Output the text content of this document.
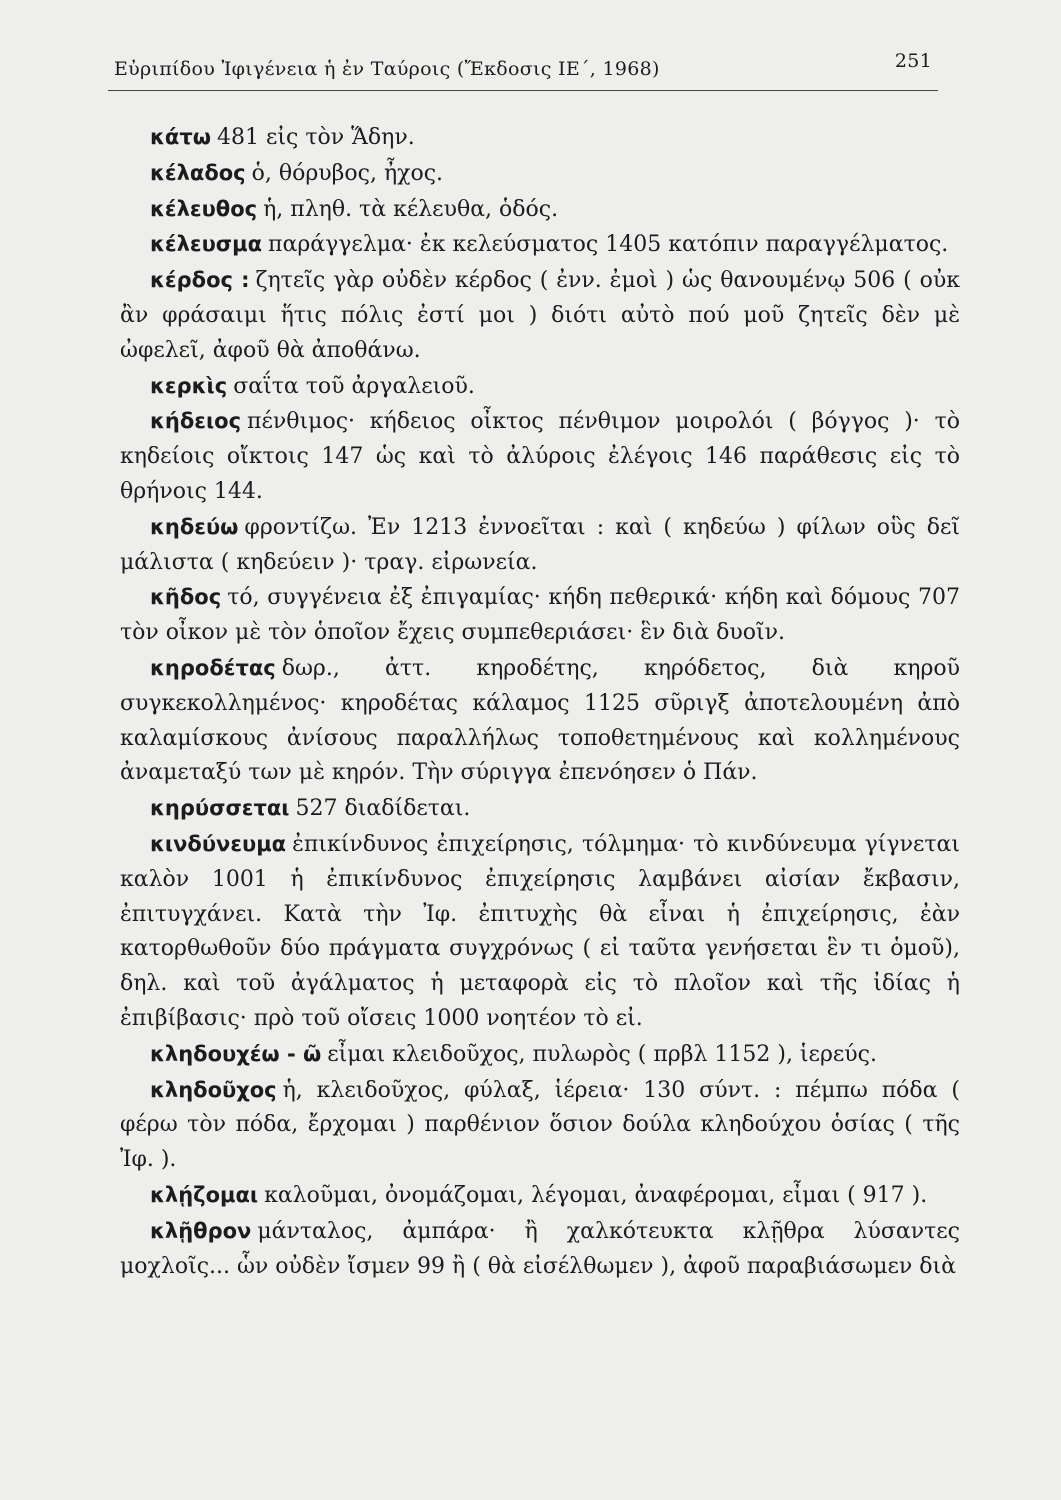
Εὐριπίδου Ἰφιγένεια ἡ ἐν Ταύροις (Ἔκδοσις ΙΕ΄, 1968)	251

κάτω 481 εἰς τὸν Ἅδην.

κέλαδος ὁ, θόρυβος, ἦχος.

κέλευθος ἡ, πληθ. τὰ κέλευθα, ὁδός.

κέλευσμα παράγγελμα· ἐκ κελεύσματος 1405 κατόπιν παραγγέλματος.

κέρδος : ζητεῖς γὰρ οὐδὲν κέρδος ( ἐνν. ἐμοὶ ) ὡς θανουμένῳ 506 ( οὐκ ἂν φράσαιμι ἥτις πόλις ἐστί μοι ) διότι αὐτὸ πού μοῦ ζητεῖς δὲν μὲ ὠφελεῖ, ἀφοῦ θὰ ἀποθάνω.

κερκὶς σαΐτα τοῦ ἀργαλειοῦ.

κήδειος πένθιμος· κήδειος οἶκτος πένθιμον μοιρολόι ( βόγγος )· τὸ κηδείοις οἴκτοις 147 ὡς καὶ τὸ ἀλύροις ἐλέγοις 146 παράθεσις εἰς τὸ θρήνοις 144.

κηδεύω φροντίζω. Ἐν 1213 ἐννοεῖται : καὶ ( κηδεύω ) φίλων οὓς δεῖ μάλιστα ( κηδεύειν )· τραγ. εἰρωνεία.

κῆδος τό, συγγένεια ἐξ ἐπιγαμίας· κήδη πεθερικά· κήδη καὶ δόμους 707 τὸν οἶκον μὲ τὸν ὁποῖον ἔχεις συμπεθεριάσει· ἓν διὰ δυοῖν.

κηροδέτας δωρ., ἀττ. κηροδέτης, κηρόδετος, διὰ κηροῦ συγκεκολλημένος· κηροδέτας κάλαμος 1125 σῦριγξ ἀποτελουμένη ἀπὸ καλαμίσκους ἀνίσους παραλλήλως τοποθετημένους καὶ κολλημένους ἀναμεταξύ των μὲ κηρόν. Τὴν σύριγγα ἐπενόησεν ὁ Πάν.

κηρύσσεται 527 διαδίδεται.

κινδύνευμα ἐπικίνδυνος ἐπιχείρησις, τόλμημα· τὸ κινδύνευμα γίγνεται καλὸν 1001 ἡ ἐπικίνδυνος ἐπιχείρησις λαμβάνει αἰσίαν ἔκβασιν, ἐπιτυγχάνει. Κατὰ τὴν Ἰφ. ἐπιτυχὴς θὰ εἶναι ἡ ἐπιχείρησις, ἐὰν κατορθωθοῦν δύο πράγματα συγχρόνως ( εἰ ταῦτα γενήσεται ἓν τι ὁμοῦ), δηλ. καὶ τοῦ ἀγάλματος ἡ μεταφορὰ εἰς τὸ πλοῖον καὶ τῆς ἰδίας ἡ ἐπιβίβασις· πρὸ τοῦ οἴσεις 1000 νοητέον τὸ εἰ.

κληδουχέω - ῶ εἶμαι κλειδοῦχος, πυλωρὸς ( πρβλ 1152 ), ἱερεύς.

κληδοῦχος ἡ, κλειδοῦχος, φύλαξ, ἱέρεια· 130 σύντ. : πέμπω πόδα ( φέρω τὸν πόδα, ἔρχομαι ) παρθένιον ὅσιον δούλα κληδούχου ὁσίας ( τῆς Ἰφ. ).

κλῄζομαι καλοῦμαι, ὀνομάζομαι, λέγομαι, ἀναφέρομαι, εἶμαι ( 917 ).

κλῇθρον μάνταλος, ἀμπάρα· ἢ χαλκότευκτα κλῇθρα λύσαντες μοχλοῖς... ὧν οὐδὲν ἴσμεν 99 ἢ ( θὰ εἰσέλθωμεν ), ἀφοῦ παραβιάσωμεν διὰ
